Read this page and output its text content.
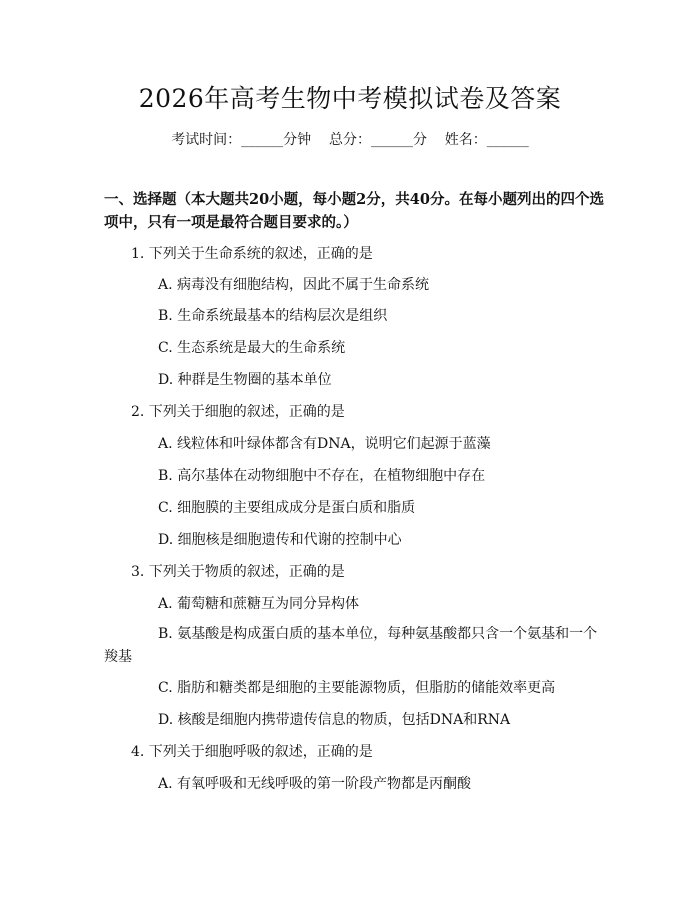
2026年高考生物中考模拟试卷及答案
考试时间：______分钟    总分：______分    姓名：______
一、选择题（本大题共20小题，每小题2分，共40分。在每小题列出的四个选项中，只有一项是最符合题目要求的。）
1. 下列关于生命系统的叙述，正确的是
A. 病毒没有细胞结构，因此不属于生命系统
B. 生命系统最基本的结构层次是组织
C. 生态系统是最大的生命系统
D. 种群是生物圈的基本单位
2. 下列关于细胞的叙述，正确的是
A. 线粒体和叶绿体都含有DNA，说明它们起源于蓝藻
B. 高尔基体在动物细胞中不存在，在植物细胞中存在
C. 细胞膜的主要组成成分是蛋白质和脂质
D. 细胞核是细胞遗传和代谢的控制中心
3. 下列关于物质的叙述，正确的是
A. 葡萄糖和蔗糖互为同分异构体
B. 氨基酸是构成蛋白质的基本单位，每种氨基酸都只含一个氨基和一个羧基
C. 脂肪和糖类都是细胞的主要能源物质，但脂肪的储能效率更高
D. 核酸是细胞内携带遗传信息的物质，包括DNA和RNA
4. 下列关于细胞呼吸的叙述，正确的是
A. 有氧呼吸和无线呼吸的第一阶段产物都是丙酮酸
